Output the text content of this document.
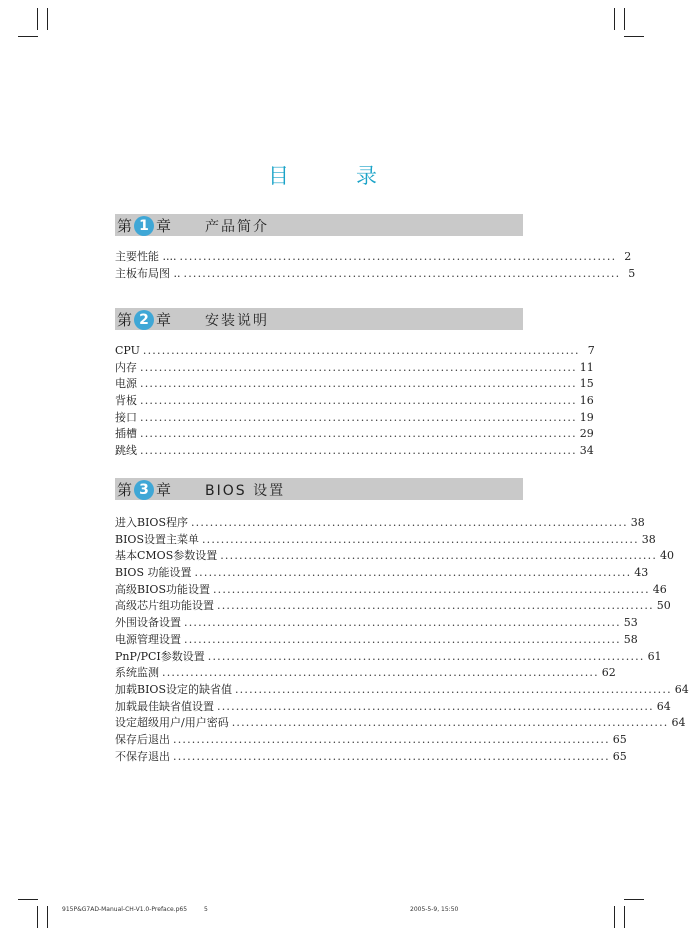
目	录
第 1 章 产品简介
主要性能 .... ............................................................................................. 2
主板布局图 .. ............................................................................................. 5
第 2 章 安装说明
CPU ............................................................................................. 7
内存 ............................................................................................. 11
电源 ............................................................................................. 15
背板 ............................................................................................. 16
接口 ............................................................................................. 19
插槽 ............................................................................................. 29
跳线 ............................................................................................. 34
第 3 章 BIOS 设置
进入BIOS程序 ............................................................................................. 38
BIOS设置主菜单 ............................................................................................. 38
基本CMOS参数设置 ............................................................................................. 40
BIOS 功能设置 ............................................................................................. 43
高级BIOS功能设置 ............................................................................................. 46
高级芯片组功能设置 ............................................................................................. 50
外围设备设置 ............................................................................................. 53
电源管理设置 ............................................................................................. 58
PnP/PCI参数设置 ............................................................................................. 61
系统监测 ............................................................................................. 62
加载BIOS设定的缺省值 ............................................................................................. 64
加载最佳缺省值设置 ............................................................................................. 64
设定超级用户/用户密码 ............................................................................................. 64
保存后退出 ............................................................................................. 65
不保存退出 ............................................................................................. 65
915P&G7AD-Manual-CH-V1.0-Preface.p65	5	2005-5-9, 15:50
